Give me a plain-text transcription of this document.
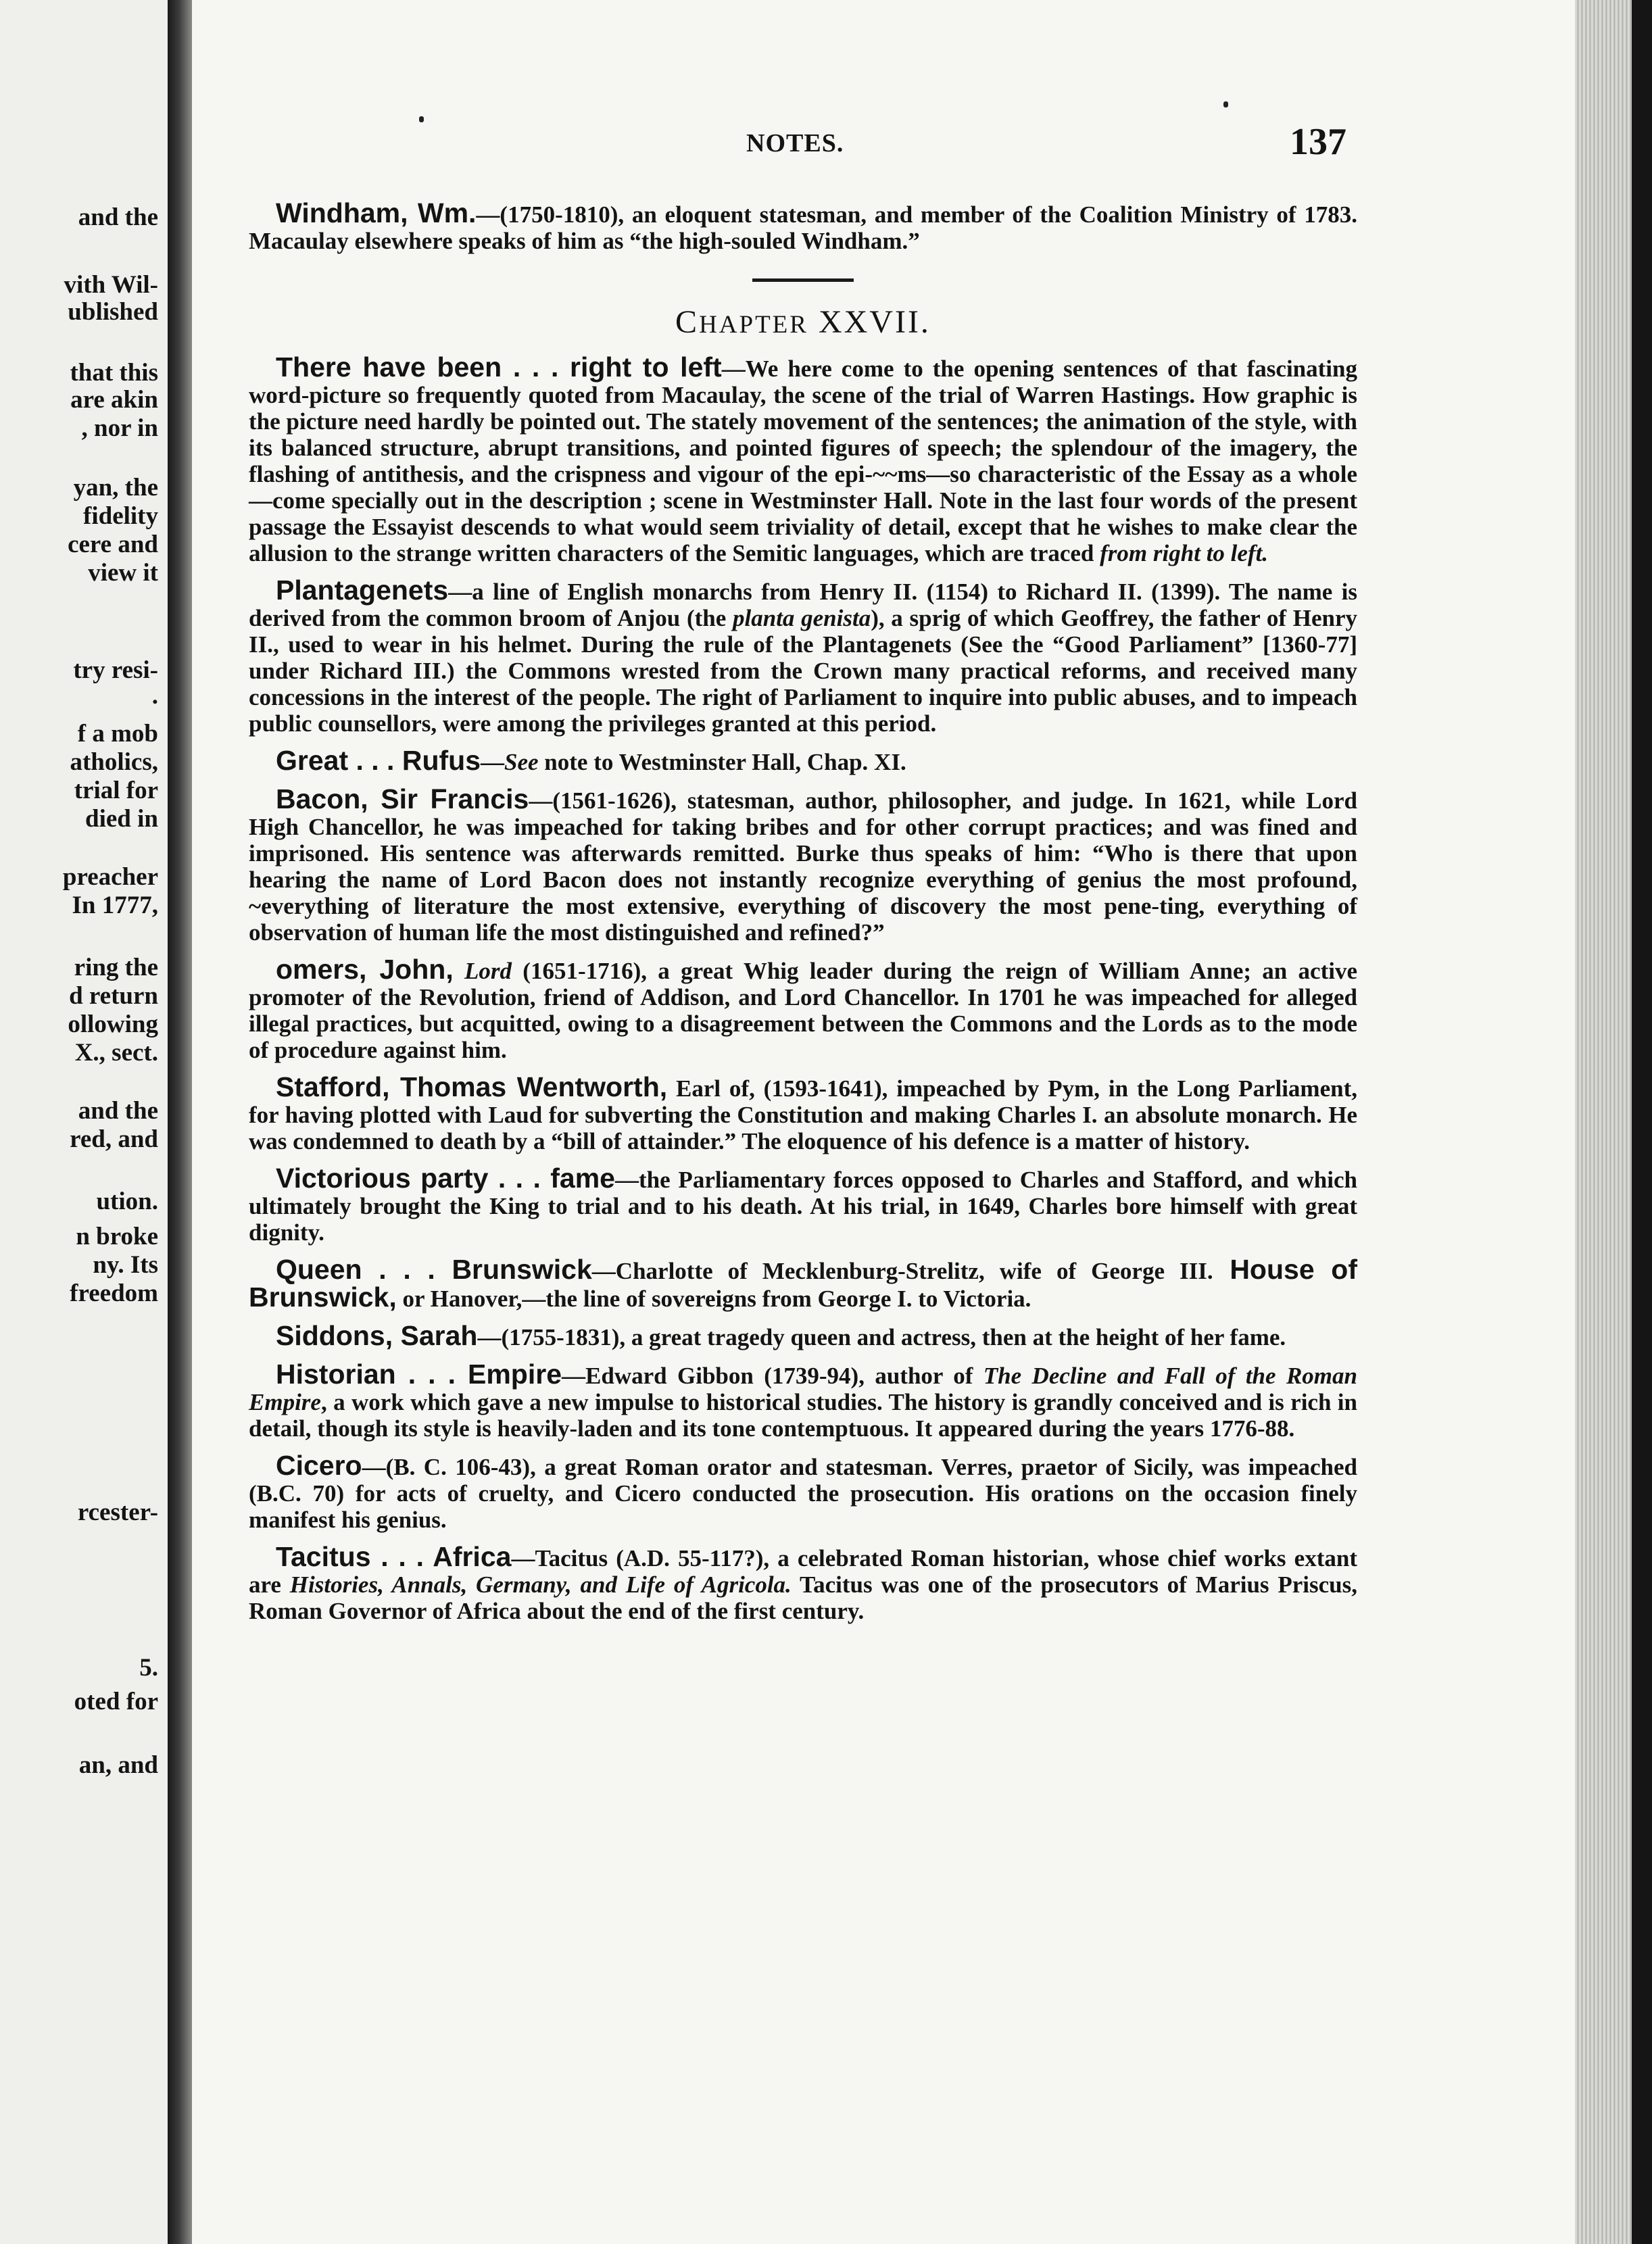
and the
vith Wil-
ublished
that this
are akin
, nor in
yan, the
fidelity
cere and
view it
try resi-
.
f a mob
atholics,
trial for
died in
preacher
In 1777,
ring the
d return
ollowing
X., sect.
and the
red, and
ution.
n broke
ny. Its
freedom
rcester-
5.
oted for
an, and
NOTES.	137

Windham, Wm.—(1750-1810), an eloquent statesman, and member of the Coalition Ministry of 1783. Macaulay elsewhere speaks of him as “the high-souled Windham.”

CHAPTER XXVII.

There have been . . . right to left—We here come to the opening sentences of that fascinating word-picture so frequently quoted from Macaulay, the scene of the trial of Warren Hastings. How graphic is the picture need hardly be pointed out. The stately movement of the sentences; the animation of the style, with its balanced structure, abrupt transitions, and pointed figures of speech; the splendour of the imagery, the flashing of antithesis, and the crispness and vigour of the epi-~~ms—so characteristic of the Essay as a whole—come specially out in the description ; scene in Westminster Hall. Note in the last four words of the present passage the Essayist descends to what would seem triviality of detail, except that he wishes to make clear the allusion to the strange written characters of the Semitic languages, which are traced from right to left.

Plantagenets—a line of English monarchs from Henry II. (1154) to Richard II. (1399). The name is derived from the common broom of Anjou (the planta genista), a sprig of which Geoffrey, the father of Henry II., used to wear in his helmet. During the rule of the Plantagenets (See the “Good Parliament” [1360-77] under Richard III.) the Commons wrested from the Crown many practical reforms, and received many concessions in the interest of the people. The right of Parliament to inquire into public abuses, and to impeach public counsellors, were among the privileges granted at this period.

Great . . . Rufus—See note to Westminster Hall, Chap. XI.

Bacon, Sir Francis—(1561-1626), statesman, author, philosopher, and judge. In 1621, while Lord High Chancellor, he was impeached for taking bribes and for other corrupt practices; and was fined and imprisoned. His sentence was afterwards remitted. Burke thus speaks of him: “Who is there that upon hearing the name of Lord Bacon does not instantly recognize everything of genius the most profound, ~everything of literature the most extensive, everything of discovery the most pene-ting, everything of observation of human life the most distinguished and refined?”

omers, John, Lord (1651-1716), a great Whig leader during the reign of William Anne; an active promoter of the Revolution, friend of Addison, and Lord Chancellor. In 1701 he was impeached for alleged illegal practices, but acquitted, owing to a disagreement between the Commons and the Lords as to the mode of procedure against him.

Stafford, Thomas Wentworth, Earl of, (1593-1641), impeached by Pym, in the Long Parliament, for having plotted with Laud for subverting the Constitution and making Charles I. an absolute monarch. He was condemned to death by a “bill of attainder.” The eloquence of his defence is a matter of history.

Victorious party . . . fame—the Parliamentary forces opposed to Charles and Stafford, and which ultimately brought the King to trial and to his death. At his trial, in 1649, Charles bore himself with great dignity.

Queen . . . Brunswick—Charlotte of Mecklenburg-Strelitz, wife of George III. House of Brunswick, or Hanover,—the line of sovereigns from George I. to Victoria.

Siddons, Sarah—(1755-1831), a great tragedy queen and actress, then at the height of her fame.

Historian . . . Empire—Edward Gibbon (1739-94), author of The Decline and Fall of the Roman Empire, a work which gave a new impulse to historical studies. The history is grandly conceived and is rich in detail, though its style is heavily-laden and its tone contemptuous. It appeared during the years 1776-88.

Cicero—(B. C. 106-43), a great Roman orator and statesman. Verres, praetor of Sicily, was impeached (B.C. 70) for acts of cruelty, and Cicero conducted the prosecution. His orations on the occasion finely manifest his genius.

Tacitus . . . Africa—Tacitus (A.D. 55-117?), a celebrated Roman historian, whose chief works extant are Histories, Annals, Germany, and Life of Agricola. Tacitus was one of the prosecutors of Marius Priscus, Roman Governor of Africa about the end of the first century.
